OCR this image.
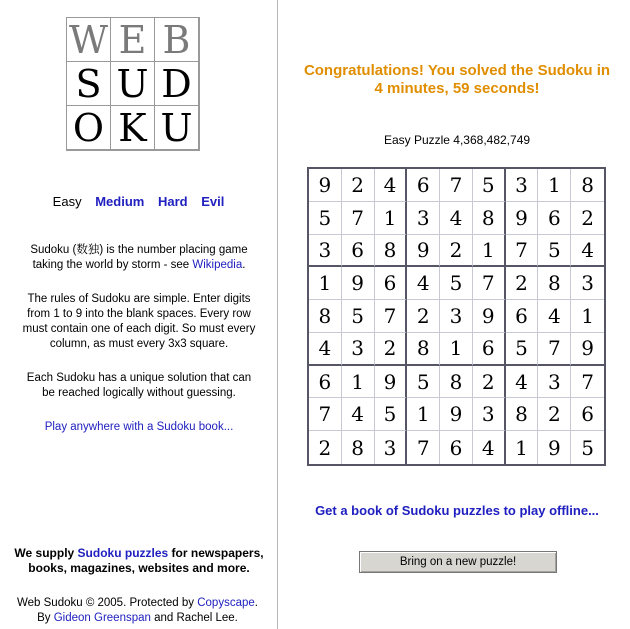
W E B
S U D
O K U
Easy Medium Hard Evil
Sudoku (数独) is the number placing game
taking the world by storm - see Wikipedia.
The rules of Sudoku are simple. Enter digits
from 1 to 9 into the blank spaces. Every row
must contain one of each digit. So must every
column, as must every 3x3 square.
Each Sudoku has a unique solution that can
be reached logically without guessing.
Play anywhere with a Sudoku book...
We supply Sudoku puzzles for newspapers,
books, magazines, websites and more.
Web Sudoku © 2005. Protected by Copyscape.
By Gideon Greenspan and Rachel Lee.
Congratulations! You solved the Sudoku in
4 minutes, 59 seconds!
Easy Puzzle 4,368,482,749
9	2 4	6	7 5	3	1	8
5	7 1	3	4 8	9	6	2
3	6 8	9	2 1	7	5	4
1	9 6	4	5 7	2	8	3
8	5 7	2	3 9	6	4	1
4	3 2	8	1 6	5	7	9
6	1 9	5	8 2	4	3	7
7	4 5	1	9 3	8	2	6
2	8 3	7	6 4	1	9	5
Get a book of Sudoku puzzles to play offline...
Bring on a new puzzle!
